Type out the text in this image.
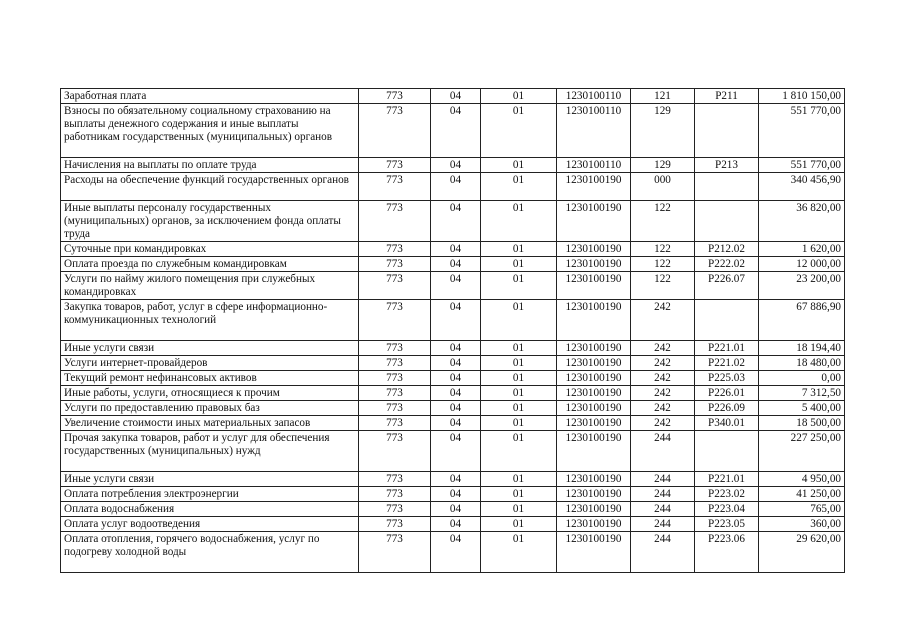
Заработная плата	773	04	01	1230100110	121	Р211	1 810 150,00
Взносы по обязательному социальному страхованию на выплаты денежного содержания и иные выплаты работникам государственных (муниципальных) органов	773	04	01	1230100110	129		551 770,00
Начисления на выплаты по оплате труда	773	04	01	1230100110	129	Р213	551 770,00
Расходы на обеспечение функций государственных органов	773	04	01	1230100190	000		340 456,90
Иные выплаты персоналу государственных (муниципальных) органов, за исключением фонда оплаты труда	773	04	01	1230100190	122		36 820,00
Суточные при командировках	773	04	01	1230100190	122	Р212.02	1 620,00
Оплата проезда по служебным командировкам	773	04	01	1230100190	122	Р222.02	12 000,00
Услуги по найму жилого помещения при служебных командировках	773	04	01	1230100190	122	Р226.07	23 200,00
Закупка товаров, работ, услуг в сфере информационно-коммуникационных технологий	773	04	01	1230100190	242		67 886,90
Иные услуги связи	773	04	01	1230100190	242	Р221.01	18 194,40
Услуги интернет-провайдеров	773	04	01	1230100190	242	Р221.02	18 480,00
Текущий ремонт нефинансовых активов	773	04	01	1230100190	242	Р225.03	0,00
Иные работы, услуги, относящиеся к прочим	773	04	01	1230100190	242	Р226.01	7 312,50
Услуги по предоставлению правовых баз	773	04	01	1230100190	242	Р226.09	5 400,00
Увеличение стоимости иных материальных запасов	773	04	01	1230100190	242	Р340.01	18 500,00
Прочая закупка товаров, работ и услуг для обеспечения государственных (муниципальных) нужд	773	04	01	1230100190	244		227 250,00
Иные услуги связи	773	04	01	1230100190	244	Р221.01	4 950,00
Оплата потребления электроэнергии	773	04	01	1230100190	244	Р223.02	41 250,00
Оплата водоснабжения	773	04	01	1230100190	244	Р223.04	765,00
Оплата услуг водоотведения	773	04	01	1230100190	244	Р223.05	360,00
Оплата отопления, горячего водоснабжения, услуг по подогреву холодной воды	773	04	01	1230100190	244	Р223.06	29 620,00
